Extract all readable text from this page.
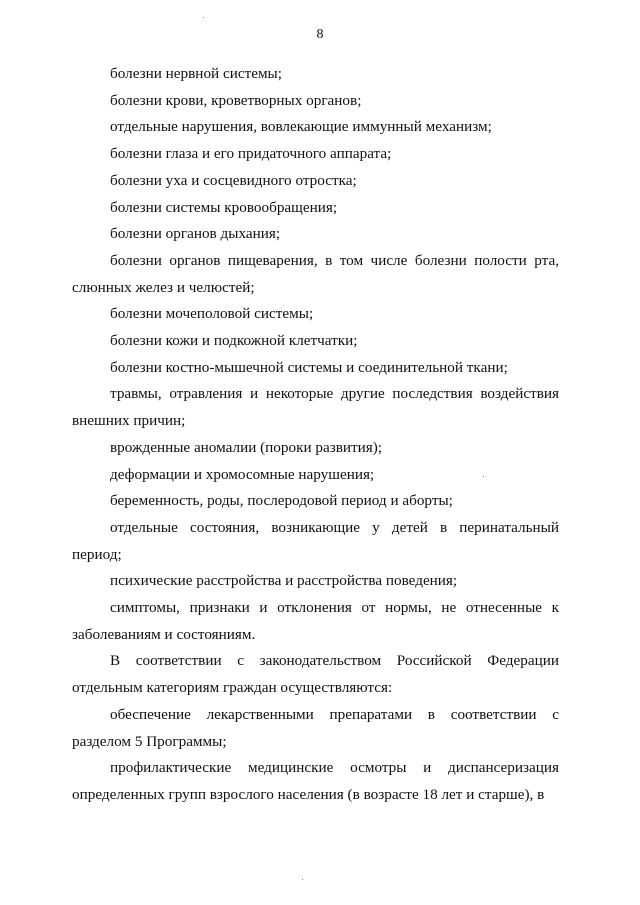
8

болезни нервной системы;

болезни крови, кроветворных органов;

отдельные нарушения, вовлекающие иммунный механизм;

болезни глаза и его придаточного аппарата;

болезни уха и сосцевидного отростка;

болезни системы кровообращения;

болезни органов дыхания;

болезни органов пищеварения, в том числе болезни полости рта, слюнных желез и челюстей;

болезни мочеполовой системы;

болезни кожи и подкожной клетчатки;

болезни костно-мышечной системы и соединительной ткани;

травмы, отравления и некоторые другие последствия воздействия внешних причин;

врожденные аномалии (пороки развития);

деформации и хромосомные нарушения;

беременность, роды, послеродовой период и аборты;

отдельные состояния, возникающие у детей в перинатальный период;

психические расстройства и расстройства поведения;

симптомы, признаки и отклонения от нормы, не отнесенные к заболеваниям и состояниям.

В соответствии с законодательством Российской Федерации отдельным категориям граждан осуществляются:

обеспечение лекарственными препаратами в соответствии с разделом 5 Программы;

профилактические медицинские осмотры и диспансеризация определенных групп взрослого населения (в возрасте 18 лет и старше), в
